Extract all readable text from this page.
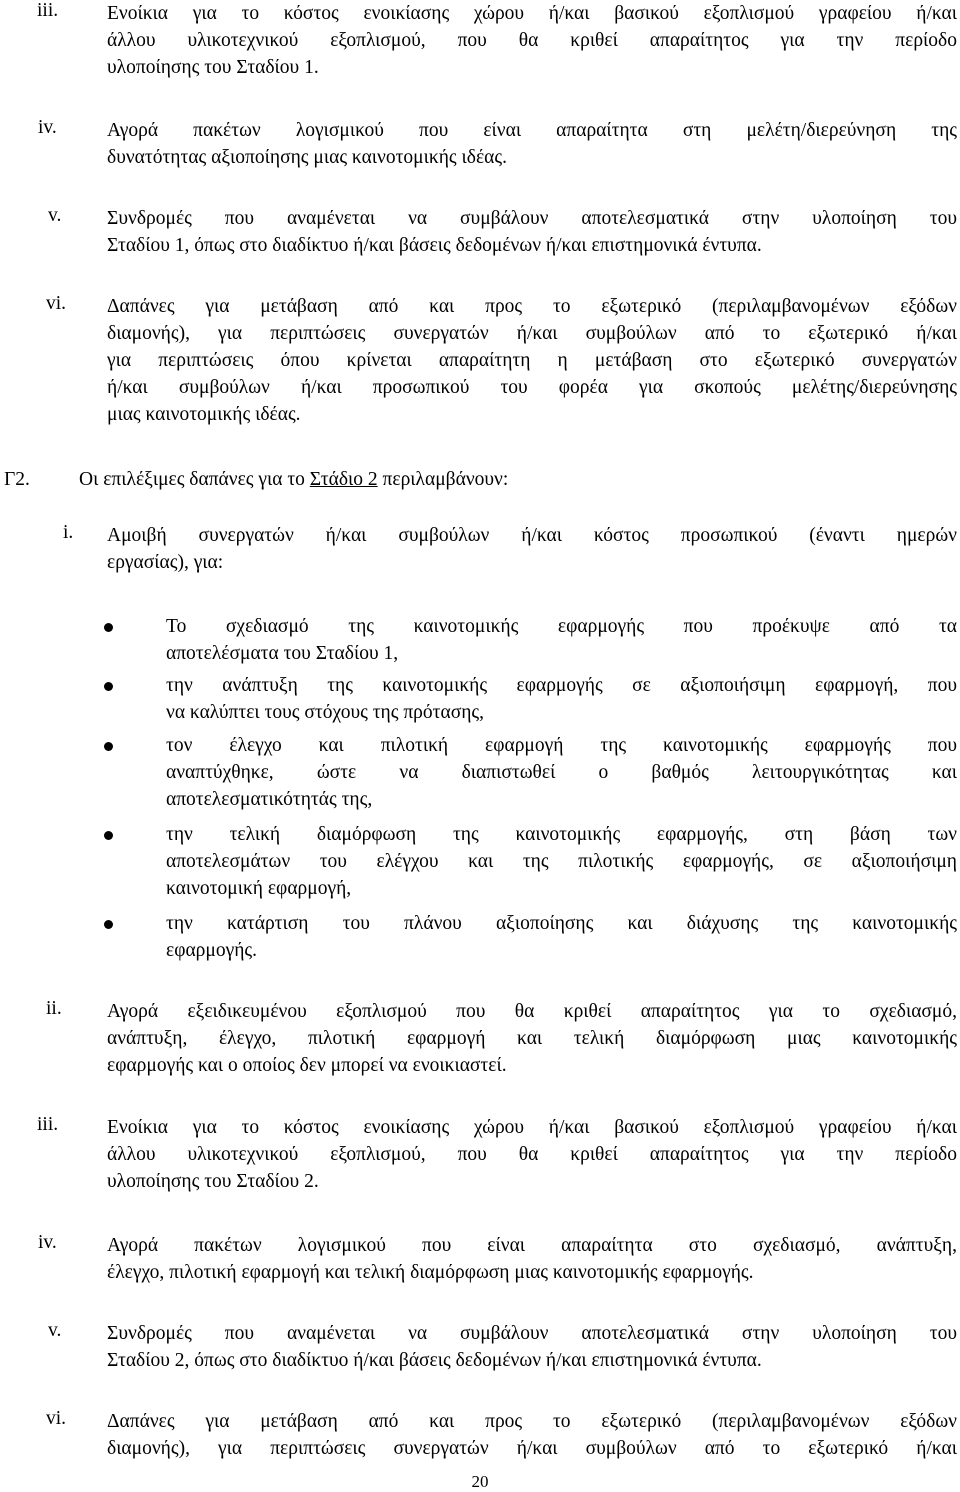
iii.	Ενοίκια για το κόστος ενοικίασης χώρου ή/και βασικού εξοπλισμού γραφείου ή/και
άλλου υλικοτεχνικού εξοπλισμού, που θα κριθεί απαραίτητος για την περίοδο
υλοποίησης του Σταδίου 1.
iv.	Αγορά πακέτων λογισμικού που είναι απαραίτητα στη μελέτη/διερεύνηση της
δυνατότητας αξιοποίησης μιας καινοτομικής ιδέας.
v. Συνδρομές που αναμένεται να συμβάλουν αποτελεσματικά στην υλοποίηση του
Σταδίου 1, όπως στο διαδίκτυο ή/και βάσεις δεδομένων ή/και επιστημονικά έντυπα.
vi. Δαπάνες για μετάβαση από και προς το εξωτερικό (περιλαμβανομένων εξόδων
διαμονής), για περιπτώσεις συνεργατών ή/και συμβούλων από το εξωτερικό ή/και
για περιπτώσεις όπου κρίνεται απαραίτητη η μετάβαση στο εξωτερικό συνεργατών
ή/και συμβούλων ή/και προσωπικού του φορέα για σκοπούς μελέτης/διερεύνησης
μιας καινοτομικής ιδέας.
Γ2.	Οι επιλέξιμες δαπάνες για το Στάδιο 2 περιλαμβάνουν:
i. Αμοιβή συνεργατών ή/και συμβούλων ή/και κόστος προσωπικού (έναντι ημερών
εργασίας), για:
Το σχεδιασμό της καινοτομικής εφαρμογής που προέκυψε από τα
αποτελέσματα του Σταδίου 1,
την ανάπτυξη της καινοτομικής εφαρμογής σε αξιοποιήσιμη εφαρμογή, που
να καλύπτει τους στόχους της πρότασης,
τον έλεγχο και πιλοτική εφαρμογή της καινοτομικής εφαρμογής που
αναπτύχθηκε, ώστε να διαπιστωθεί ο βαθμός λειτουργικότητας και
αποτελεσματικότητάς της,
την τελική διαμόρφωση της καινοτομικής εφαρμογής, στη βάση των
αποτελεσμάτων του ελέγχου και της πιλοτικής εφαρμογής, σε αξιοποιήσιμη
καινοτομική εφαρμογή,
την κατάρτιση του πλάνου αξιοποίησης και διάχυσης της καινοτομικής
εφαρμογής.
ii. Αγορά εξειδικευμένου εξοπλισμού που θα κριθεί απαραίτητος για το σχεδιασμό,
ανάπτυξη, έλεγχο, πιλοτική εφαρμογή και τελική διαμόρφωση μιας καινοτομικής
εφαρμογής και ο οποίος δεν μπορεί να ενοικιαστεί.
iii.	Ενοίκια για το κόστος ενοικίασης χώρου ή/και βασικού εξοπλισμού γραφείου ή/και
άλλου υλικοτεχνικού εξοπλισμού, που θα κριθεί απαραίτητος για την περίοδο
υλοποίησης του Σταδίου 2.
iv.	Αγορά πακέτων λογισμικού που είναι απαραίτητα στο σχεδιασμό, ανάπτυξη,
έλεγχο, πιλοτική εφαρμογή και τελική διαμόρφωση μιας καινοτομικής εφαρμογής.
v. Συνδρομές που αναμένεται να συμβάλουν αποτελεσματικά στην υλοποίηση του
Σταδίου 2, όπως στο διαδίκτυο ή/και βάσεις δεδομένων ή/και επιστημονικά έντυπα.
vi. Δαπάνες για μετάβαση από και προς το εξωτερικό (περιλαμβανομένων εξόδων
διαμονής), για περιπτώσεις συνεργατών ή/και συμβούλων από το εξωτερικό ή/και
20
